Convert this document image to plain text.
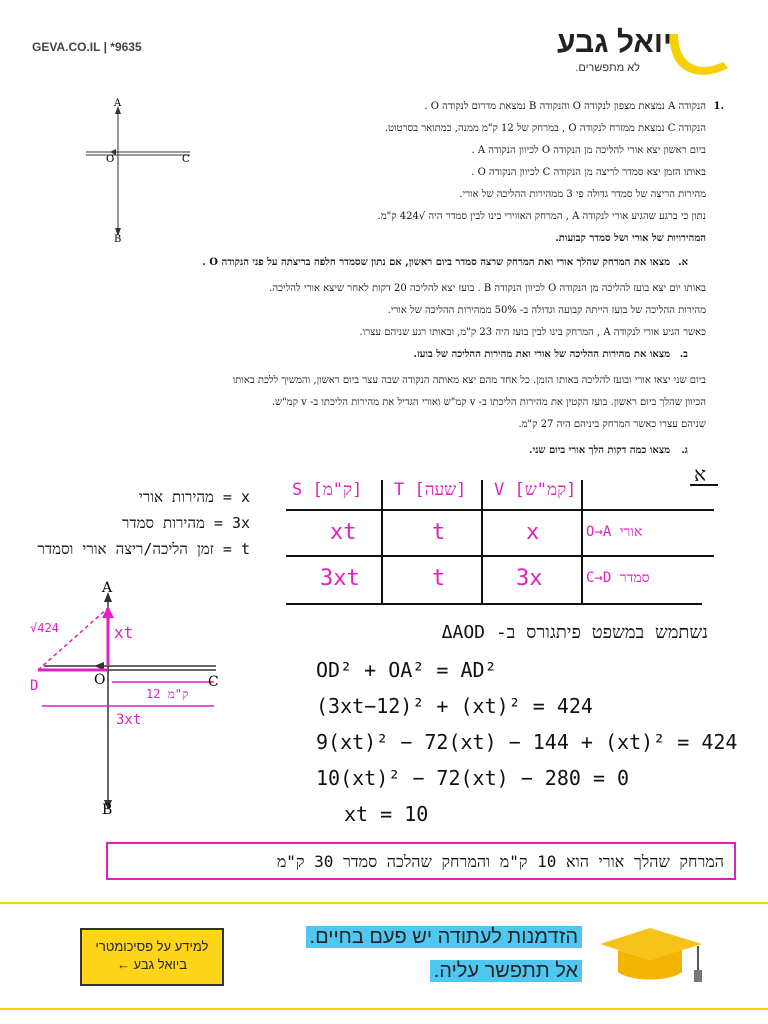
GEVA.CO.IL | *9635	יואל גבע
לא מתפשרים.
.1
הנקודה A נמצאת מצפון לנקודה O והנקודה B נמצאת מדרום לנקודה O .
הנקודה C נמצאת ממזרח לנקודה O , במרחק של 12 ק"מ ממנה, כמתואר בסרטוט.
ביום ראשון יצא אורי להליכה מן הנקודה O לכיוון הנקודה A .
באותו הזמן יצא סמדר לריצה מן הנקודה C לכיוון הנקודה O .
מהירות הריצה של סמדר גדולה פי 3 ממהירות ההליכה של אורי.
נתון כי ברגע שהגיע אורי לנקודה A , המרחק האווירי בינו לבין סמדר היה √424 ק"מ.
המהירויות של אורי ושל סמדר קבועות.
א.
מצאו את המרחק שהלך אורי ואת המרחק שרצה סמדר ביום ראשון, אם נתון שסמדר חלפה בריצתה על פני הנקודה O .
באותו יום יצא בועז להליכה מן הנקודה O לכיוון הנקודה B . בועז יצא להליכה 20 דקות לאחר שיצא אורי להליכה.
מהירות ההליכה של בועז הייתה קבועה וגדולה ב- 50% ממהירות ההליכה של אורי.
כאשר הגיע אורי לנקודה A , המרחק בינו לבין בועז היה 23 ק"מ, ובאותו רגע שניהם עצרו.
ב.
מצאו את מהירות ההליכה של אורי ואת מהירות ההליכה של בועז.
ביום שני יצאו אורי ובועז להליכה באותו הזמן. כל אחד מהם יצא מאותה הנקודה שבה עצר ביום ראשון, והמשיך ללכת באותו
הכיוון שהלך ביום ראשון. בועז הקטין את מהירות הליכתו ב- v קמ"ש ואורי הגדיל את מהירות הליכתו ב- v קמ"ש.
שניהם עצרו כאשר המרחק ביניהם היה 27 ק"מ.
ג.
מצאו כמה דקות הלך אורי ביום שני.
A
O	C
B
א
x = מהירות אורי
3x = מהירות סמדר
t = זמן הליכה/ריצה אורי וסמדר
S [ק"מ] T [שעה] V [קמ"ש]
xt	t	x	אורי O→A
3xt	t	3x	סמדר C→D
נשתמש במשפט פיתגורס ב- ΔAOD
OD² + OA² = AD²
(3xt−12)² + (xt)² = 424
9(xt)² − 72(xt) − 144 + (xt)² = 424
10(xt)² − 72(xt) − 280 = 0
xt = 10
המרחק שהלך אורי הוא 10 ק"מ והמרחק שהלכה סמדר 30 ק"מ
A
O	C
B
D
√424	xt
12 ק"מ
3xt
למידע על פסיכומטרי
ביואל גבע ←
הזדמנות לעתודה יש פעם בחיים.
אל תתפשר עליה.
